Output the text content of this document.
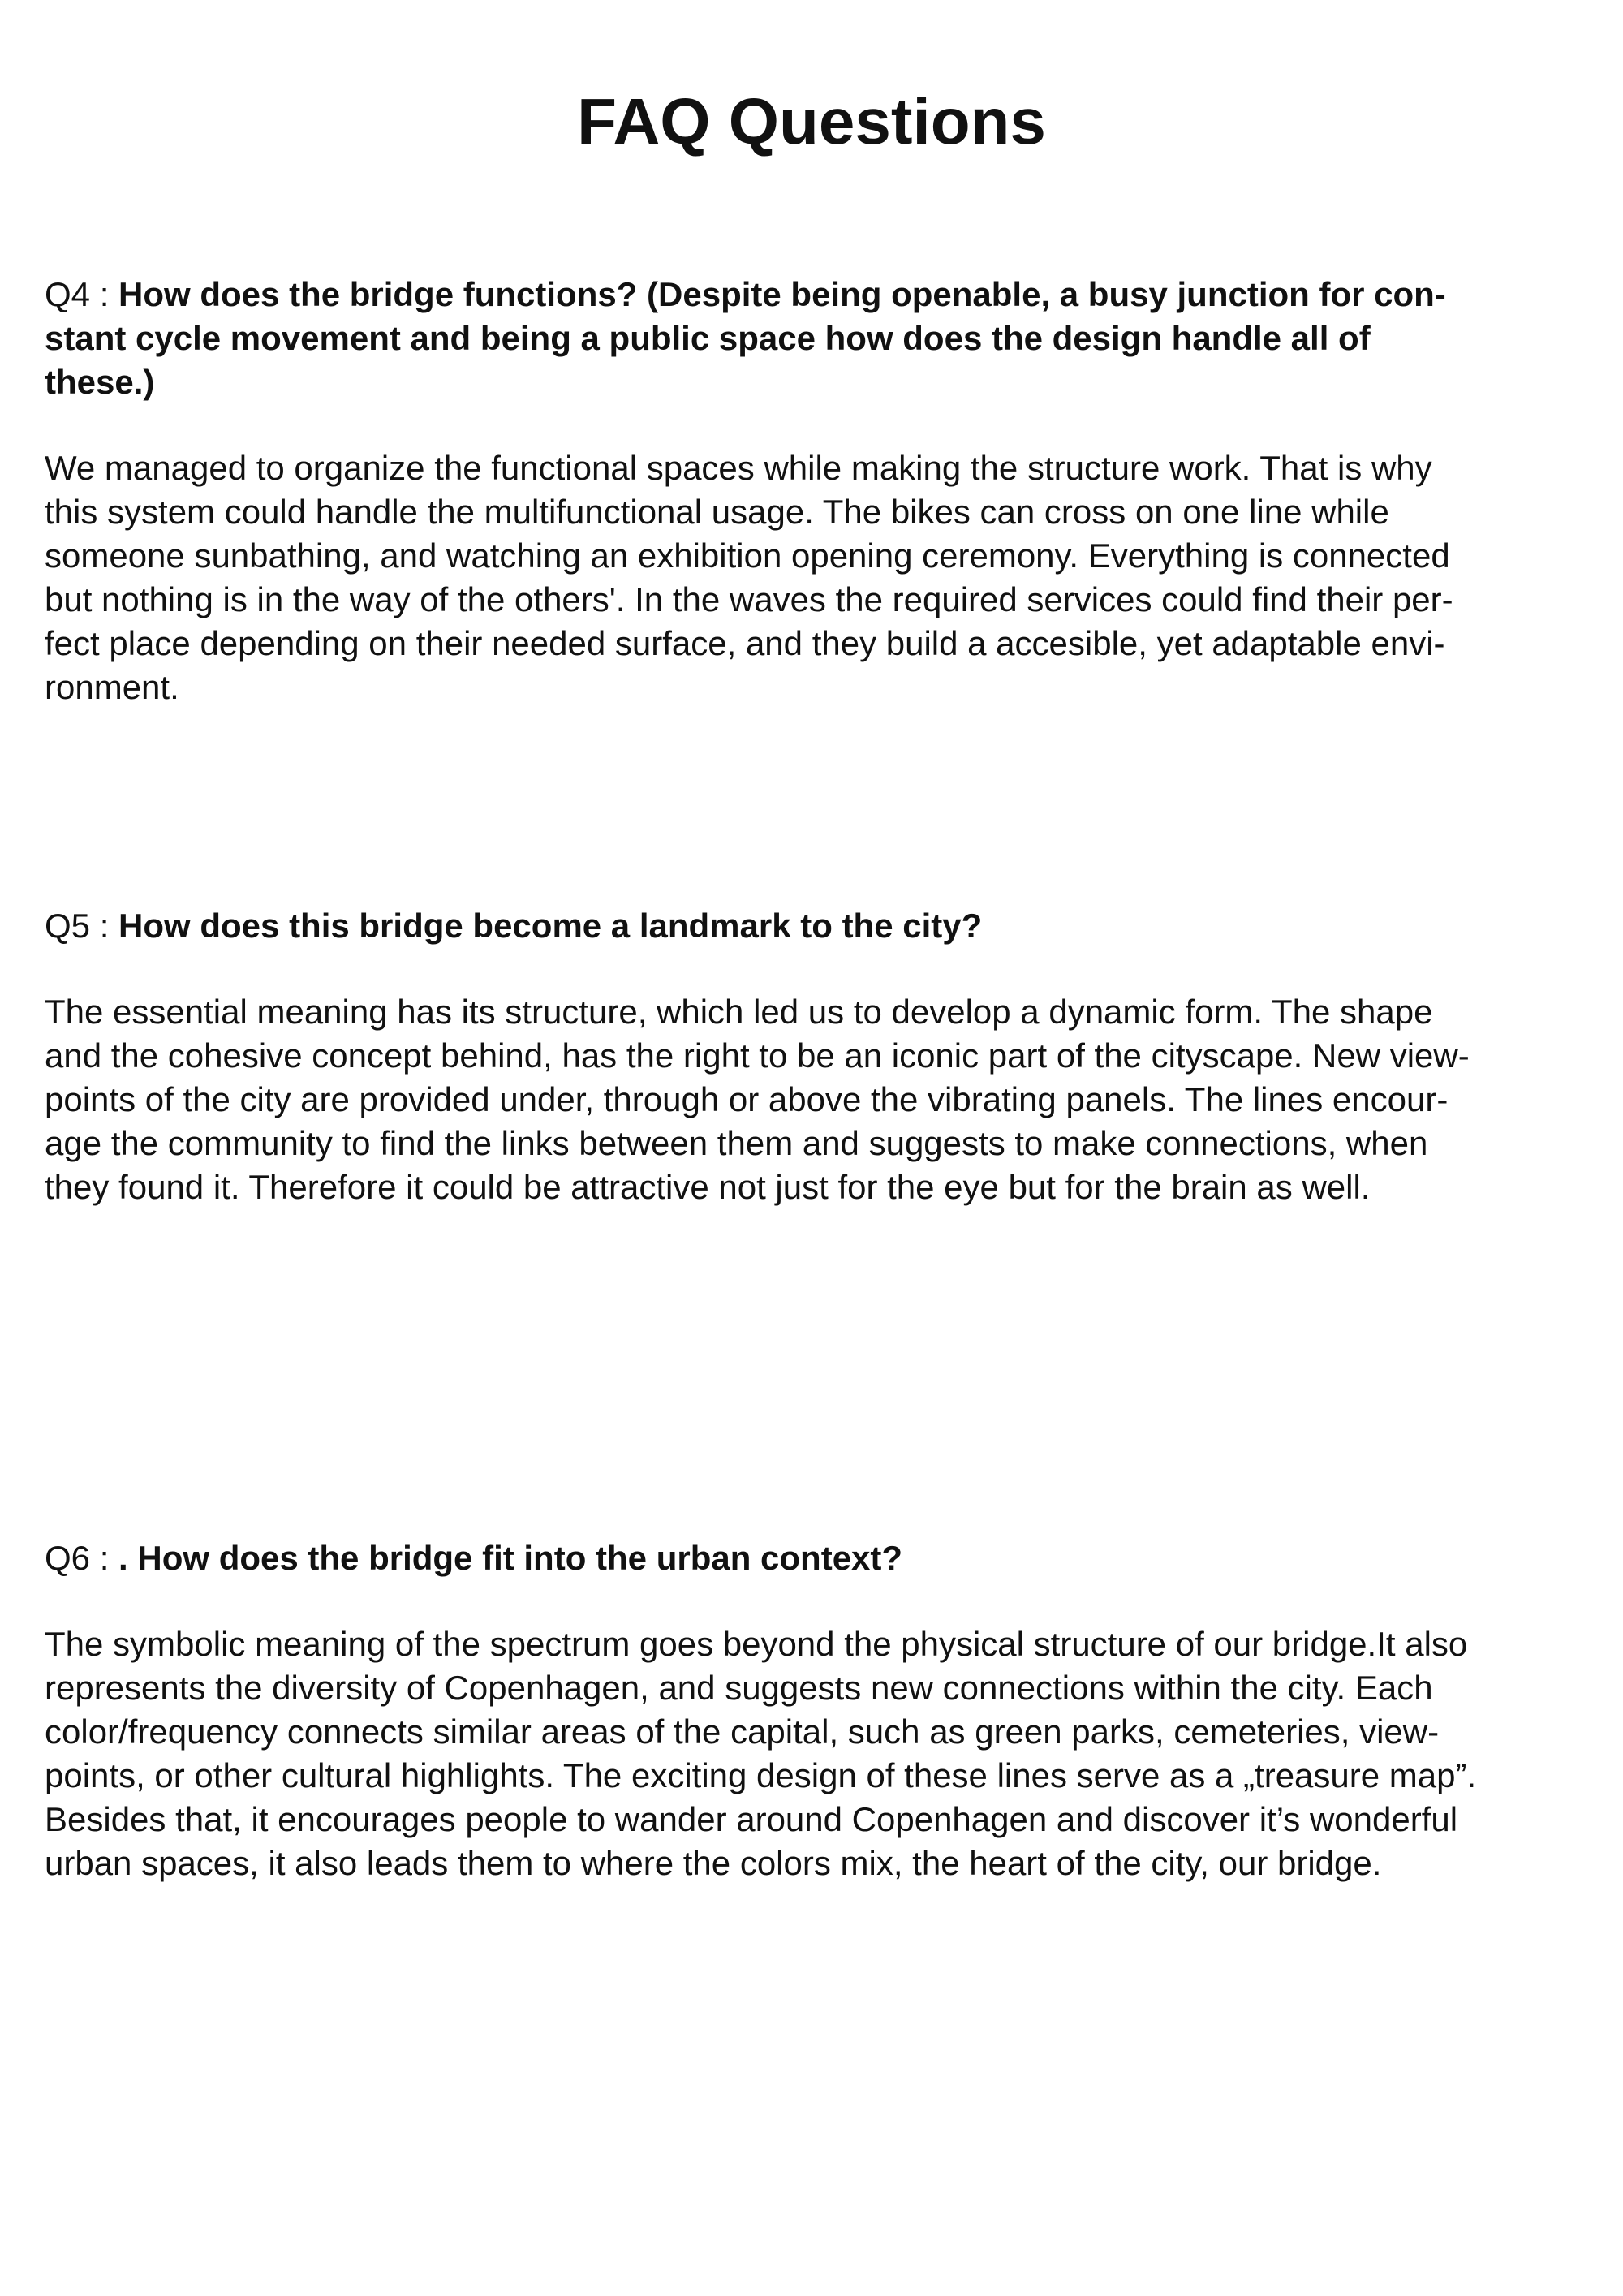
FAQ Questions

Q4 : How does the bridge functions? (Despite being openable, a busy junction for con-
stant cycle movement and being a public space how does the design handle all of
these.)

We managed to organize the functional spaces while making the structure work. That is why
this system could handle the multifunctional usage. The bikes can cross on one line while
someone sunbathing, and watching an exhibition opening ceremony. Everything is connected
but nothing is in the way of the others'. In the waves the required services could find their per-
fect place depending on their needed surface, and they build a accesible, yet adaptable envi-
ronment.

Q5 : How does this bridge become a landmark to the city?

The essential meaning has its structure, which led us to develop a dynamic form. The shape
and the cohesive concept behind, has the right to be an iconic part of the cityscape. New view-
points of the city are provided under, through or above the vibrating panels. The lines encour-
age the community to find the links between them and suggests to make connections, when
they found it. Therefore it could be attractive not just for the eye but for the brain as well.

Q6 : . How does the bridge fit into the urban context?

The symbolic meaning of the spectrum goes beyond the physical structure of our bridge.It also
represents the diversity of Copenhagen, and suggests new connections within the city. Each
color/frequency connects similar areas of the capital, such as green parks, cemeteries, view-
points, or other cultural highlights. The exciting design of these lines serve as a „treasure map”.
Besides that, it encourages people to wander around Copenhagen and discover it’s wonderful
urban spaces, it also leads them to where the colors mix, the heart of the city, our bridge.
